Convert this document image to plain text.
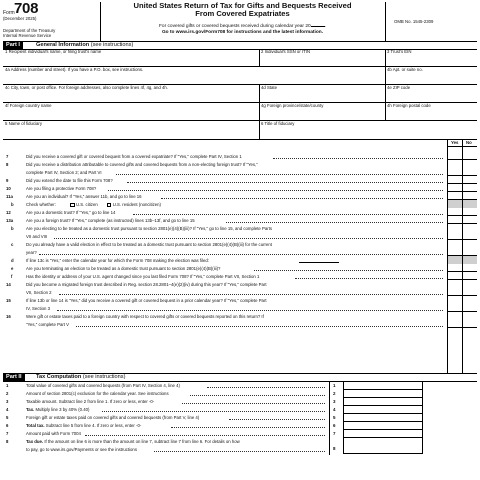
Form 708
(December 2025)
Department of the Treasury
Internal Revenue Service
United States Return of Tax for Gifts and Bequests Received
From Covered Expatriates
For covered gifts or covered bequests received during calendar year 20	.
Go to www.irs.gov/Form708 for instructions and the latest information.
OMB No. 1545-2309
Part I	General Information (see instructions)
1 Recipient individual's name, or filing trust's name	2 Individual's SSN or ITIN	3 Trust's EIN
4a Address (number and street). If you have a P.O. box, see instructions.	4b Apt. or suite no.
4c City, town, or post office. For foreign addresses, also complete lines 4f, 4g, and 4h.	4d State	4e ZIP code
4f Foreign country name	4g Foreign province/state/county	4h Foreign postal code
5 Name of fiduciary	6 Title of fiduciary
Yes No
7	Did you receive a covered gift or covered bequest from a covered expatriate? If "Yes," complete Part IV, Section 1
8	Did you receive a distribution attributable to covered gifts and covered bequests from a non-electing foreign trust? If "Yes,"
complete Part IV, Section 2; and Part VI
9	Did you extend the date to file this Form 708?
10	Are you filing a protective Form 708?
11a	Are you an individual? If "Yes," answer 11b, and go to line 16
b	Check whether:	U.S. citizen	U.S. resident (noncitizen)
12	Are you a domestic trust? If "Yes," go to line 14
13a	Are you a foreign trust? If "Yes," complete (as instructed) lines 13b–13f, and go to line 15
b	Are you electing to be treated as a domestic trust pursuant to section 2801(e)(4)(B)(iii)? If "Yes," go to line 15, and complete Parts
VII and VIII
c	Do you already have a valid election in effect to be treated as a domestic trust pursuant to section 2801(e)(4)(B)(iii) for the current
year?
d	If line 13c is "Yes," enter the calendar year for which the Form 708 making the election was filed:
e	Are you terminating an election to be treated as a domestic trust pursuant to section 2801(e)(4)(B)(iii)?
f	Has the identity or address of your U.S. agent changed since you last filed Form 708? If "Yes," complete Part VII, Section 1
14	Did you become a migrated foreign trust described in Reg. section 28.2801–4(e)(2)(iv) during this year? If "Yes," complete Part
VII, Section 2
15	If line 13b or line 14 is "Yes," did you receive a covered gift or covered bequest in a prior calendar year? If "Yes," complete Part
IV, Section 3
16	Were gift or estate taxes paid to a foreign country with respect to covered gifts or covered bequests reported on this return? If
"Yes," complete Part V
Part II	Tax Computation (see instructions)
1	Total value of covered gifts and covered bequests (from Part IV, Section 4, line 4)	1
2	Amount of section 2801(c) exclusion for the calendar year. See instructions	2
3	Taxable amount. Subtract line 2 from line 1. If zero or less, enter -0-	3
4	Tax. Multiply line 3 by 40% (0.40)	4
5	Foreign gift or estate taxes paid on covered gifts and covered bequests (from Part V, line 4)	5
6	Total tax. Subtract line 5 from line 4. If zero or less, enter -0-	6
7	Amount paid with Form 7004	7
8	Tax due. If the amount on line 6 is more than the amount on line 7, subtract line 7 from line 6. For details on how
to pay, go to www.irs.gov/Payments or see the instructions	8
